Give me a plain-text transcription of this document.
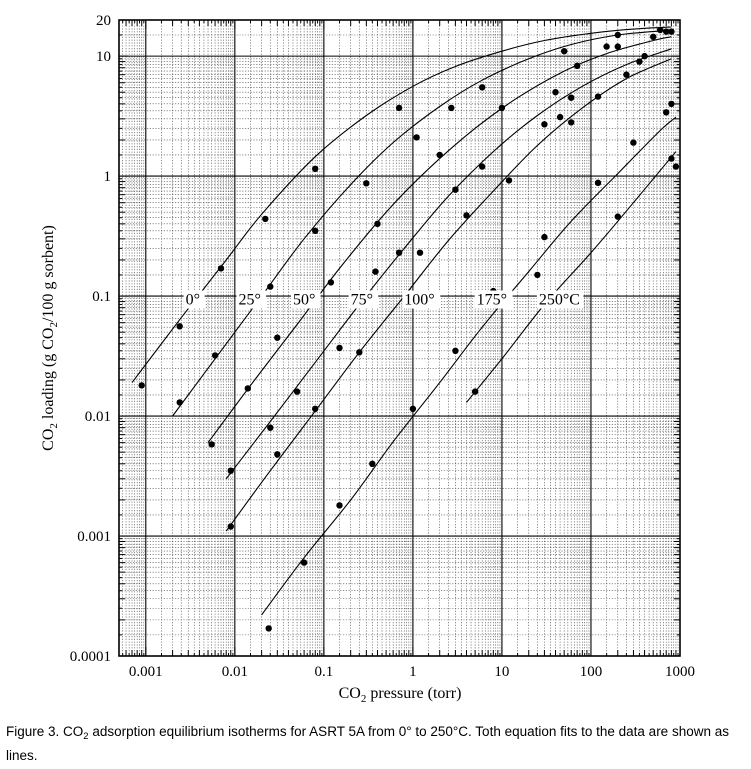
0.001	0.01	0.1	1	10	100	1000
0.0001
0.001
0.01
0.1
1
10
20
0° 25° 50° 75° 100°	175° 250°C
$CO_2$ pressure (torr)
$CO_2$ loading (g $CO_2/100$ g sorbent)
Figure 3. $CO_2$ adsorption equilibrium isotherms for ASRT 5A from 0° to 250°C. Toth equation fits to the data are shown as lines.
